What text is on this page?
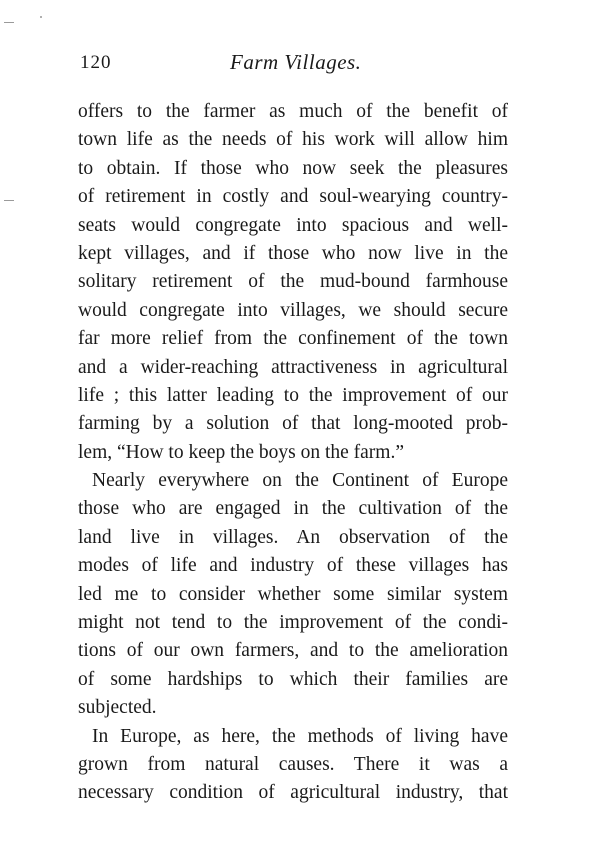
120	Farm Villages.
offers to the farmer as much of the benefit of
town life as the needs of his work will allow him
to obtain. If those who now seek the pleasures
of retirement in costly and soul-wearying country-
seats would congregate into spacious and well-
kept villages, and if those who now live in the
solitary retirement of the mud-bound farmhouse
would congregate into villages, we should secure
far more relief from the confinement of the town
and a wider-reaching attractiveness in agricultural
life ; this latter leading to the improvement of our
farming by a solution of that long-mooted prob-
lem, “How to keep the boys on the farm.”
Nearly everywhere on the Continent of Europe
those who are engaged in the cultivation of the
land live in villages. An observation of the
modes of life and industry of these villages has
led me to consider whether some similar system
might not tend to the improvement of the condi-
tions of our own farmers, and to the amelioration
of some hardships to which their families are
subjected.
In Europe, as here, the methods of living have
grown from natural causes. There it was a
necessary condition of agricultural industry, that
